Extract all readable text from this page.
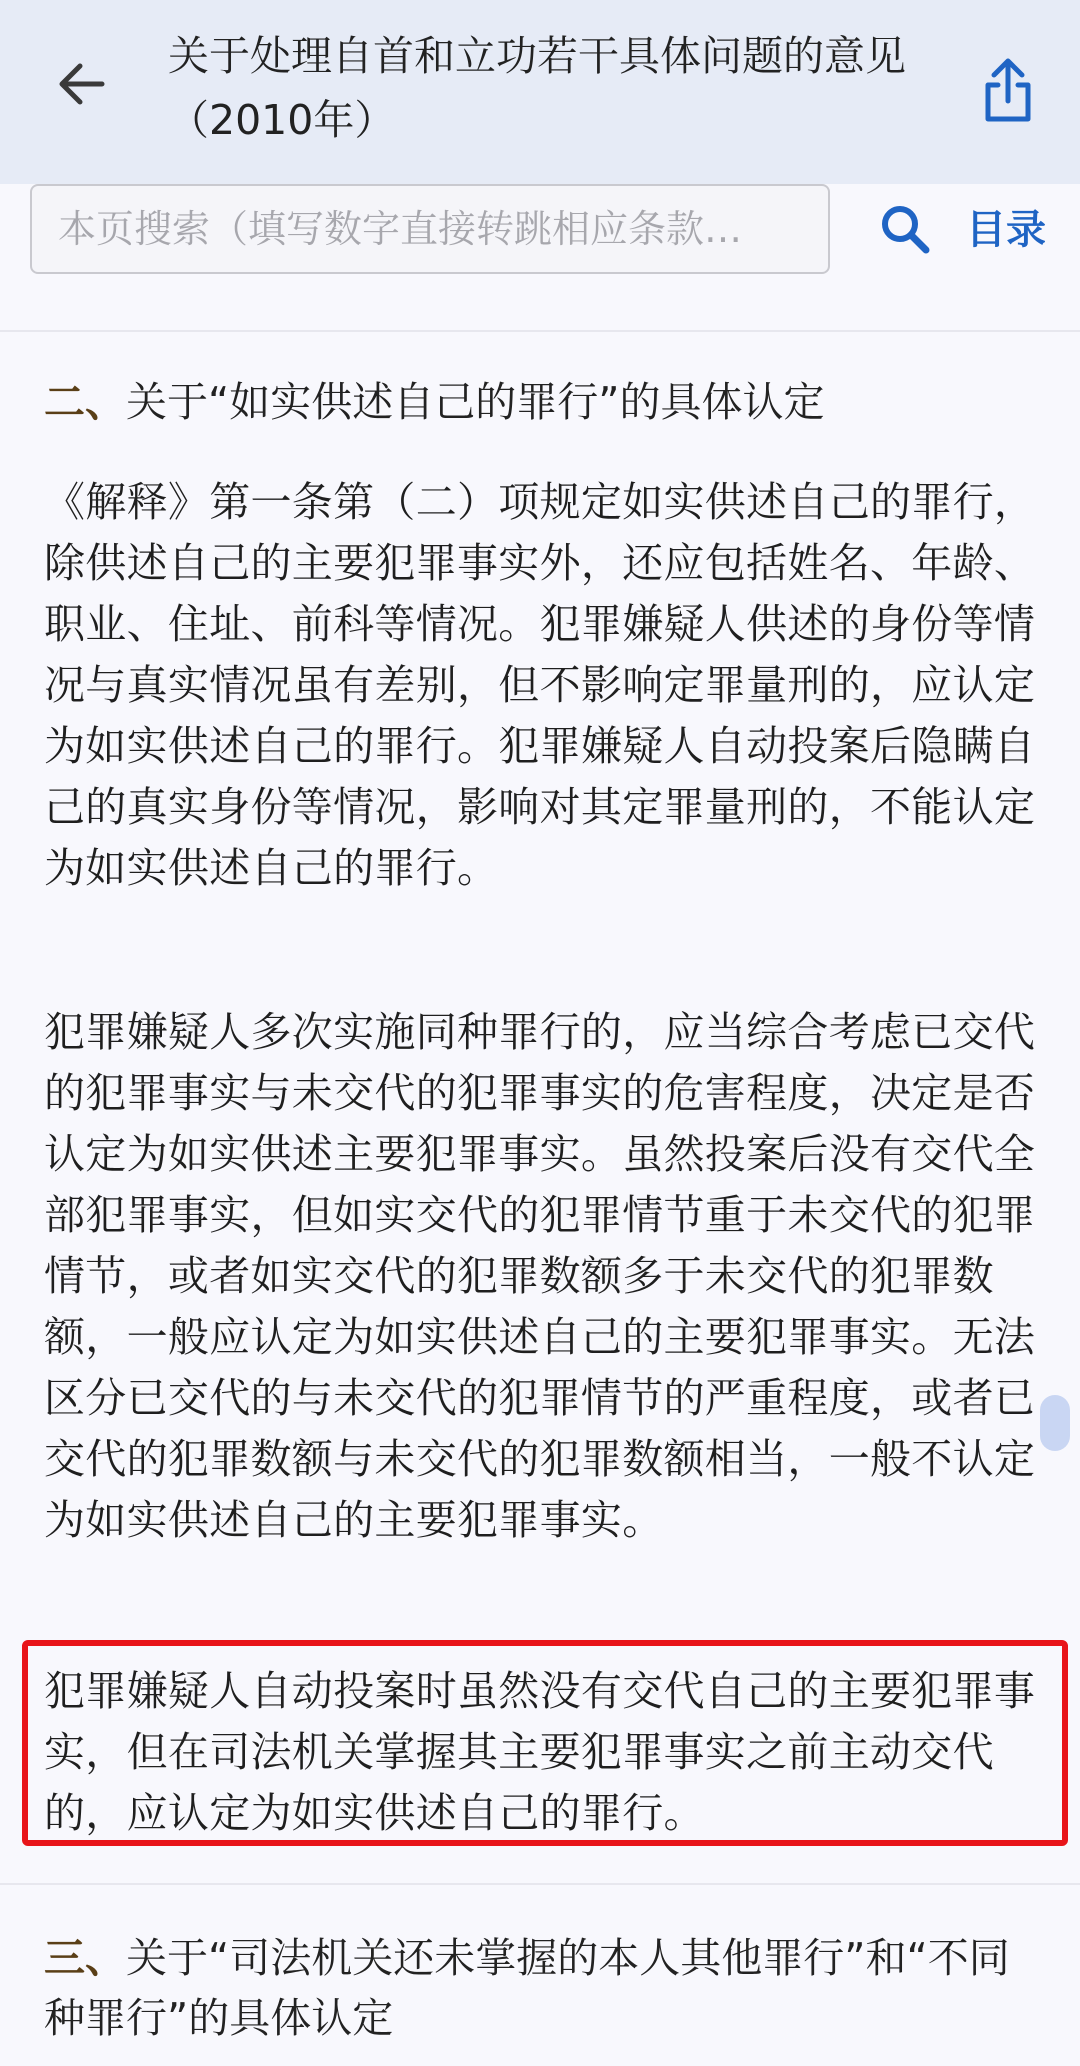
关于处理自首和立功若干具体问题的意见（2010年）
本页搜索（填写数字直接转跳相应条款…
目录
二、关于“如实供述自己的罪行”的具体认定
《解释》第一条第（二）项规定如实供述自己的罪行，除供述自己的主要犯罪事实外，还应包括姓名、年龄、职业、住址、前科等情况。犯罪嫌疑人供述的身份等情况与真实情况虽有差别，但不影响定罪量刑的，应认定为如实供述自己的罪行。犯罪嫌疑人自动投案后隐瞒自己的真实身份等情况，影响对其定罪量刑的，不能认定为如实供述自己的罪行。
犯罪嫌疑人多次实施同种罪行的，应当综合考虑已交代的犯罪事实与未交代的犯罪事实的危害程度，决定是否认定为如实供述主要犯罪事实。虽然投案后没有交代全部犯罪事实，但如实交代的犯罪情节重于未交代的犯罪情节，或者如实交代的犯罪数额多于未交代的犯罪数额，一般应认定为如实供述自己的主要犯罪事实。无法区分已交代的与未交代的犯罪情节的严重程度，或者已交代的犯罪数额与未交代的犯罪数额相当，一般不认定为如实供述自己的主要犯罪事实。
犯罪嫌疑人自动投案时虽然没有交代自己的主要犯罪事实，但在司法机关掌握其主要犯罪事实之前主动交代的，应认定为如实供述自己的罪行。
三、关于“司法机关还未掌握的本人其他罪行”和“不同种罪行”的具体认定
